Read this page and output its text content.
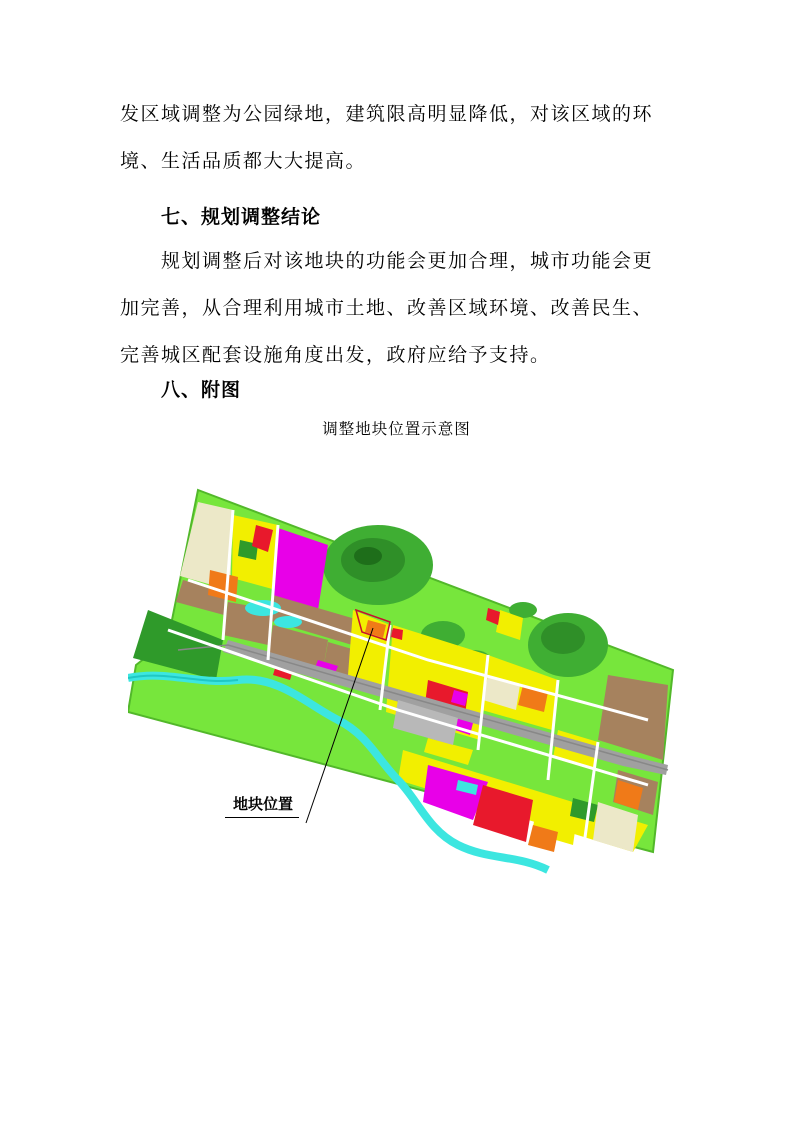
发区域调整为公园绿地，建筑限高明显降低，对该区域的环
境、生活品质都大大提高。

七、规划调整结论

规划调整后对该地块的功能会更加合理，城市功能会更
加完善，从合理利用城市土地、改善区域环境、改善民生、
完善城区配套设施角度出发，政府应给予支持。

八、附图

调整地块位置示意图

地块位置
